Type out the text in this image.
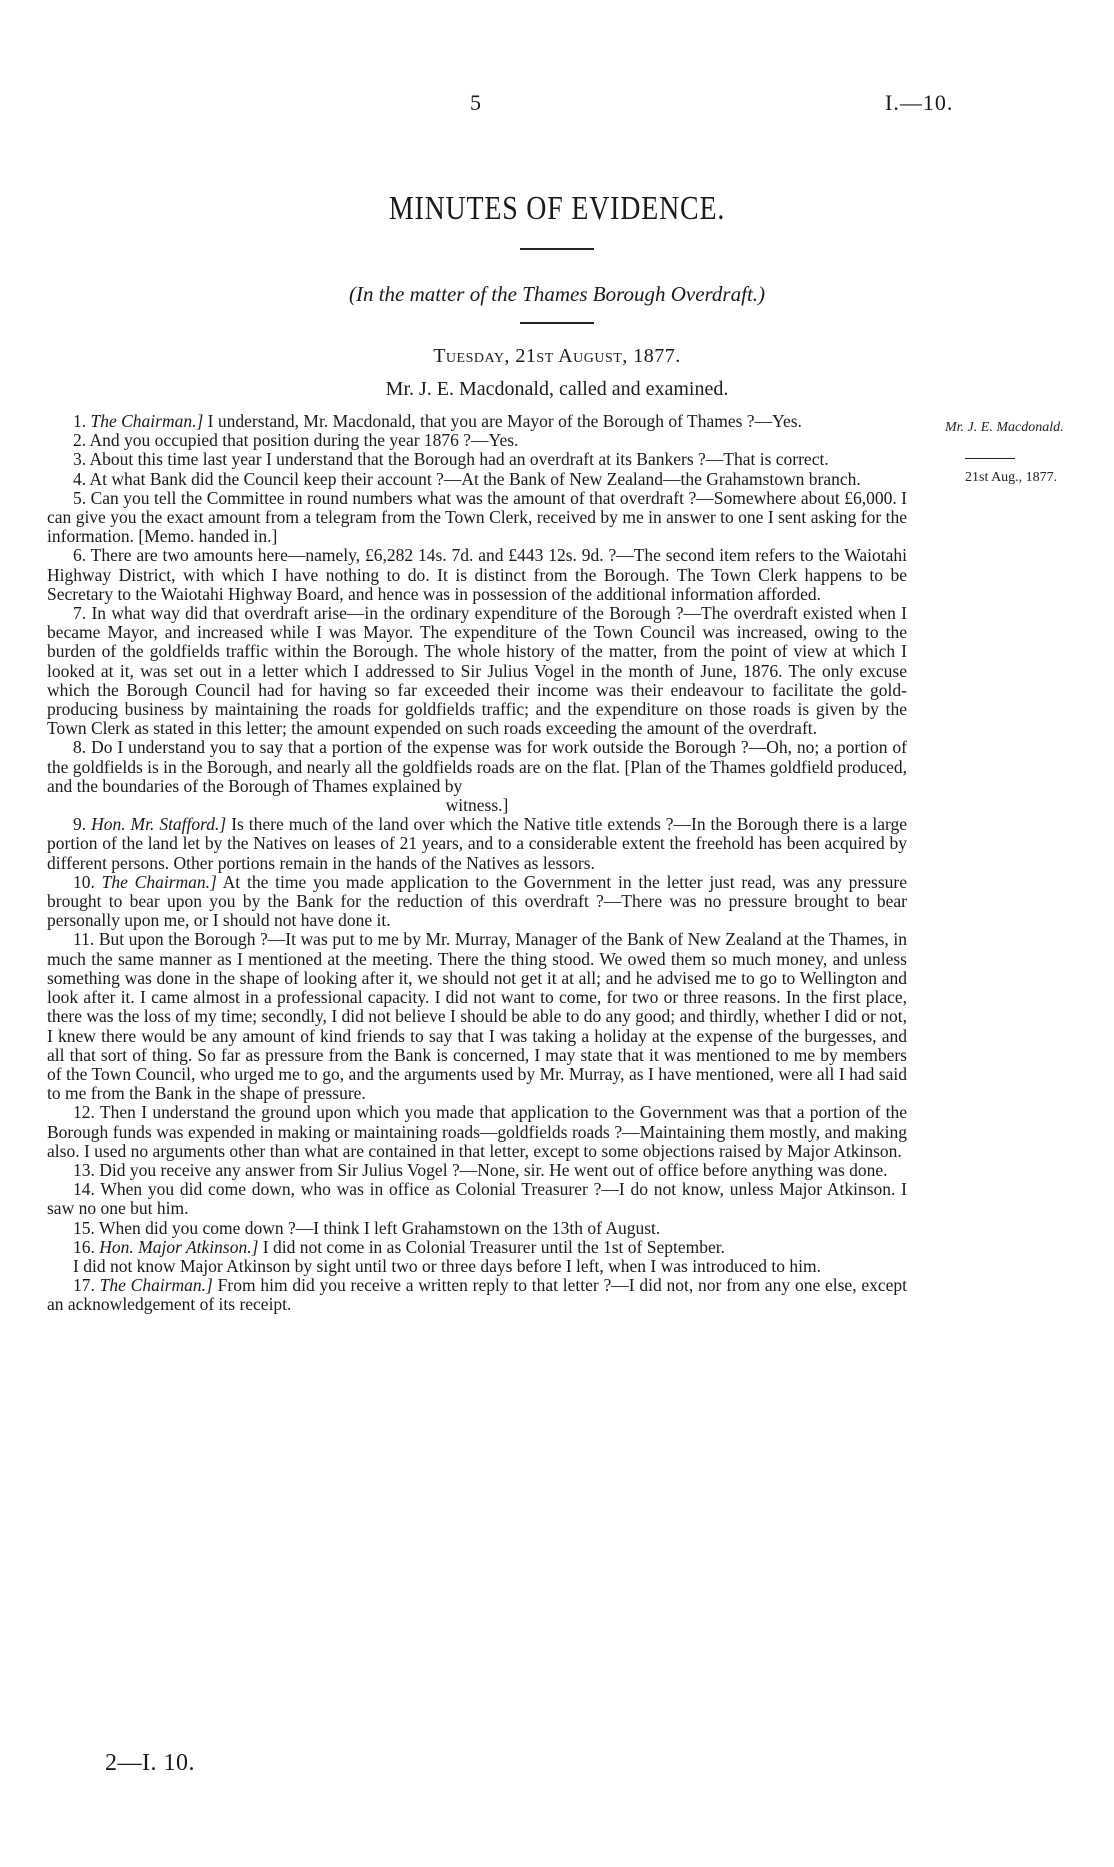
5	I.—10.
MINUTES OF EVIDENCE.
(In the matter of the Thames Borough Overdraft.)
Tuesday, 21st August, 1877.
Mr. J. E. Macdonald, called and examined.
Mr. J. E. Macdonald.
21st Aug., 1877.

1. The Chairman.] I understand, Mr. Macdonald, that you are Mayor of the Borough of Thames ?—Yes.

2. And you occupied that position during the year 1876 ?—Yes.

3. About this time last year I understand that the Borough had an overdraft at its Bankers ?—That is correct.

4. At what Bank did the Council keep their account ?—At the Bank of New Zealand—the Grahamstown branch.

5. Can you tell the Committee in round numbers what was the amount of that overdraft ?—Somewhere about £6,000. I can give you the exact amount from a telegram from the Town Clerk, received by me in answer to one I sent asking for the information. [Memo. handed in.]

6. There are two amounts here—namely, £6,282 14s. 7d. and £443 12s. 9d. ?—The second item refers to the Waiotahi Highway District, with which I have nothing to do. It is distinct from the Borough. The Town Clerk happens to be Secretary to the Waiotahi Highway Board, and hence was in possession of the additional information afforded.

7. In what way did that overdraft arise—in the ordinary expenditure of the Borough ?—The overdraft existed when I became Mayor, and increased while I was Mayor. The expenditure of the Town Council was increased, owing to the burden of the goldfields traffic within the Borough. The whole history of the matter, from the point of view at which I looked at it, was set out in a letter which I addressed to Sir Julius Vogel in the month of June, 1876. The only excuse which the Borough Council had for having so far exceeded their income was their endeavour to facilitate the gold-producing business by maintaining the roads for goldfields traffic; and the expenditure on those roads is given by the Town Clerk as stated in this letter; the amount expended on such roads exceeding the amount of the overdraft.

8. Do I understand you to say that a portion of the expense was for work outside the Borough ?—Oh, no; a portion of the goldfields is in the Borough, and nearly all the goldfields roads are on the flat. [Plan of the Thames goldfield produced, and the boundaries of the Borough of Thames explained by

witness.]

9. Hon. Mr. Stafford.] Is there much of the land over which the Native title extends ?—In the Borough there is a large portion of the land let by the Natives on leases of 21 years, and to a considerable extent the freehold has been acquired by different persons. Other portions remain in the hands of the Natives as lessors.

10. The Chairman.] At the time you made application to the Government in the letter just read, was any pressure brought to bear upon you by the Bank for the reduction of this overdraft ?—There was no pressure brought to bear personally upon me, or I should not have done it.

11. But upon the Borough ?—It was put to me by Mr. Murray, Manager of the Bank of New Zealand at the Thames, in much the same manner as I mentioned at the meeting. There the thing stood. We owed them so much money, and unless something was done in the shape of looking after it, we should not get it at all; and he advised me to go to Wellington and look after it. I came almost in a professional capacity. I did not want to come, for two or three reasons. In the first place, there was the loss of my time; secondly, I did not believe I should be able to do any good; and thirdly, whether I did or not, I knew there would be any amount of kind friends to say that I was taking a holiday at the expense of the burgesses, and all that sort of thing. So far as pressure from the Bank is concerned, I may state that it was mentioned to me by members of the Town Council, who urged me to go, and the arguments used by Mr. Murray, as I have mentioned, were all I had said to me from the Bank in the shape of pressure.

12. Then I understand the ground upon which you made that application to the Government was that a portion of the Borough funds was expended in making or maintaining roads—goldfields roads ?—Maintaining them mostly, and making also. I used no arguments other than what are contained in that letter, except to some objections raised by Major Atkinson.

13. Did you receive any answer from Sir Julius Vogel ?—None, sir. He went out of office before anything was done.

14. When you did come down, who was in office as Colonial Treasurer ?—I do not know, unless Major Atkinson. I saw no one but him.

15. When did you come down ?—I think I left Grahamstown on the 13th of August.

16. Hon. Major Atkinson.] I did not come in as Colonial Treasurer until the 1st of September.

I did not know Major Atkinson by sight until two or three days before I left, when I was introduced to him.

17. The Chairman.] From him did you receive a written reply to that letter ?—I did not, nor from any one else, except an acknowledgement of its receipt.

2—I. 10.
